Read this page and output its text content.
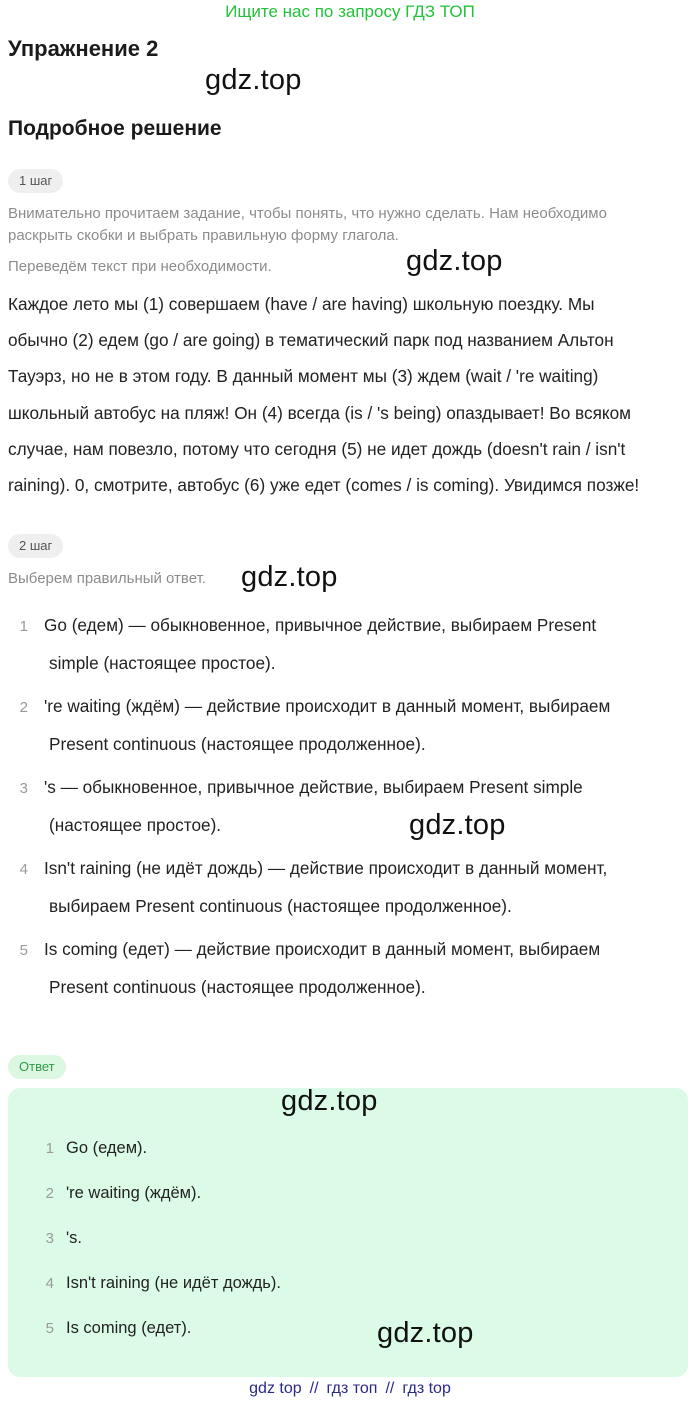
Ищите нас по запросу ГДЗ ТОП
Упражнение 2
gdz.top
Подробное решение
1 шаг
Внимательно прочитаем задание, чтобы понять, что нужно сделать. Нам необходимо
раскрыть скобки и выбрать правильную форму глагола.
Переведём текст при необходимости.	gdz.top
Каждое лето мы (1) совершаем (have / are having) школьную поездку. Мы
обычно (2) едем (go / are going) в тематический парк под названием Альтон
Тауэрз, но не в этом году. В данный момент мы (3) ждем (wait / 're waiting)
школьный автобус на пляж! Он (4) всегда (is / 's being) опаздывает! Во всяком
случае, нам повезло, потому что сегодня (5) не идет дождь (doesn't rain / isn't
raining). 0, смотрите, автобус (6) уже едет (comes / is coming). Увидимся позже!
2 шаг
Выберем правильный ответ. gdz.top
1 Go (едем) — обыкновенное, привычное действие, выбираем Present
simple (настоящее простое).
2 're waiting (ждём) — действие происходит в данный момент, выбираем
Present continuous (настоящее продолженное).
3 's — обыкновенное, привычное действие, выбираем Present simple
(настоящее простое).	gdz.top
4 Isn't raining (не идёт дождь) — действие происходит в данный момент,
выбираем Present continuous (настоящее продолженное).
5 Is coming (едет) — действие происходит в данный момент, выбираем
Present continuous (настоящее продолженное).
Ответ
gdz.top
1 Go (едем).
2 're waiting (ждём).
3 's.
4 Isn't raining (не идёт дождь).
5 Is coming (едет).	gdz.top
gdz top // гдз топ // гдз top
